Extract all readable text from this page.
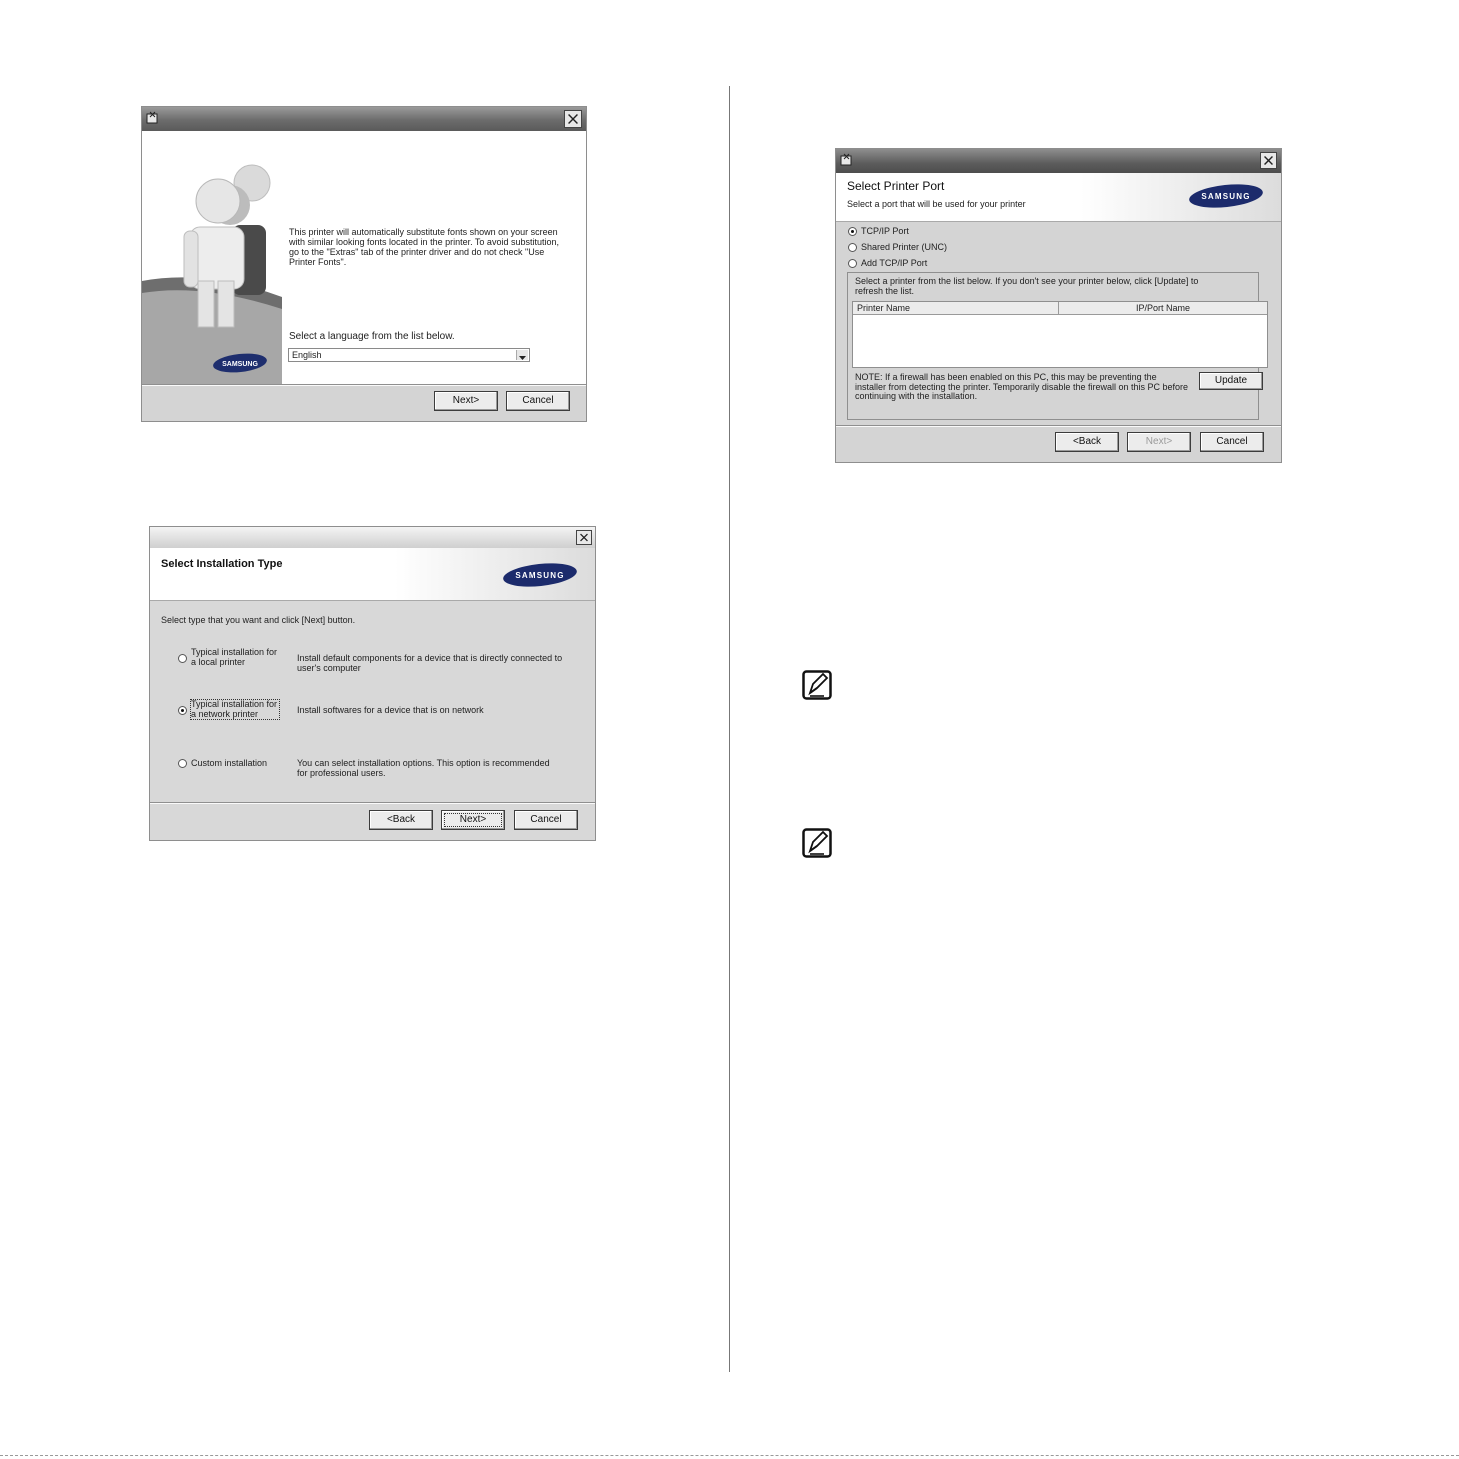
SAMSUNG
This printer will automatically substitute fonts shown on your screen with similar looking fonts located in the printer. To avoid substitution, go to the "Extras" tab of the printer driver and do not check "Use Printer Fonts".
Select a language from the list below.
English
Next>	Cancel
Select Installation Type
SAMSUNG
Select type that you want and click [Next] button.
Typical installation for a local printer	Install default components for a device that is directly connected to user's computer
Typical installation for a network printer	Install softwares for a device that is on network
Custom installation	You can select installation options. This option is recommended for professional users.
<Back	Next>	Cancel
Select Printer Port
Select a port that will be used for your printer
SAMSUNG
TCP/IP Port
Shared Printer (UNC)
Add TCP/IP Port
Select a printer from the list below. If you don't see your printer below, click [Update] to refresh the list.
Printer Name	IP/Port Name
NOTE: If a firewall has been enabled on this PC, this may be preventing the installer from detecting the printer. Temporarily disable the firewall on this PC before continuing with the installation.
Update
<Back	Next>	Cancel
